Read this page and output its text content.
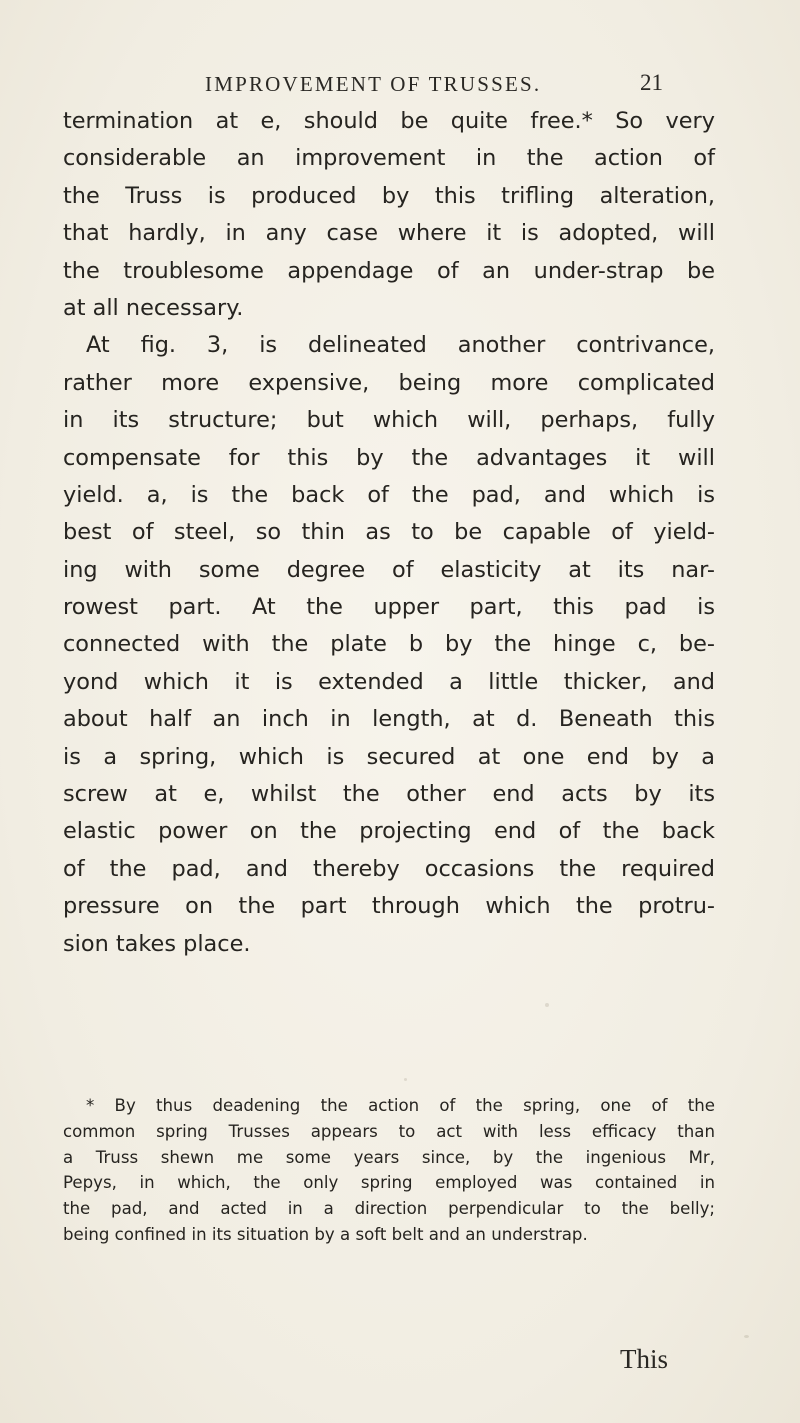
IMPROVEMENT OF TRUSSES.	21
termination at e, should be quite free.* So very
considerable an improvement in the action of
the Truss is produced by this trifling alteration,
that hardly, in any case where it is adopted, will
the troublesome appendage of an under-strap be
at all necessary.
At fig. 3, is delineated another contrivance,
rather more expensive, being more complicated
in its structure; but which will, perhaps, fully
compensate for this by the advantages it will
yield. a, is the back of the pad, and which is
best of steel, so thin as to be capable of yield-
ing with some degree of elasticity at its nar-
rowest part. At the upper part, this pad is
connected with the plate b by the hinge c, be-
yond which it is extended a little thicker, and
about half an inch in length, at d. Beneath this
is a spring, which is secured at one end by a
screw at e, whilst the other end acts by its
elastic power on the projecting end of the back
of the pad, and thereby occasions the required
pressure on the part through which the protru-
sion takes place.
* By thus deadening the action of the spring, one of the
common spring Trusses appears to act with less efficacy than
a Truss shewn me some years since, by the ingenious Mr,
Pepys, in which, the only spring employed was contained in
the pad, and acted in a direction perpendicular to the belly;
being confined in its situation by a soft belt and an understrap.
This
